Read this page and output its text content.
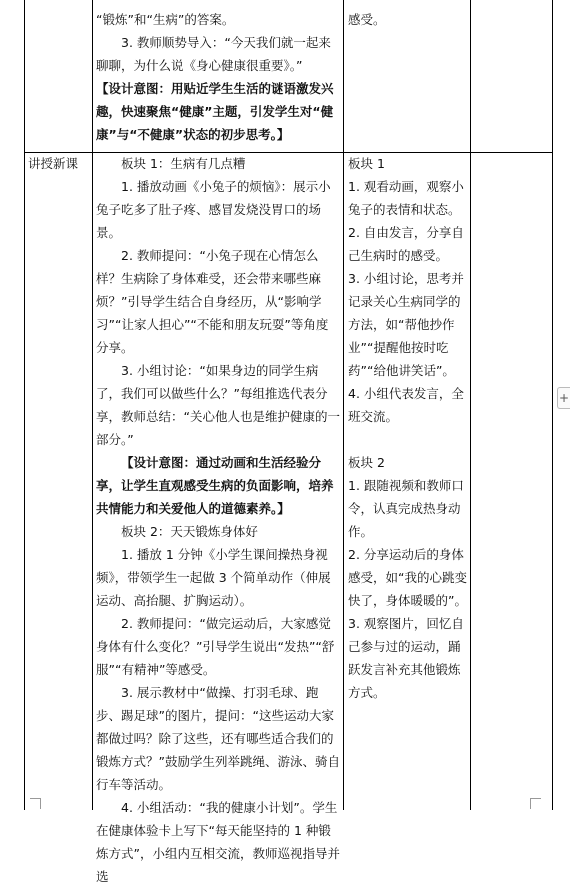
“锻炼”和“生病”的答案。

3. 教师顺势导入：“今天我们就一起来聊聊，为什么说《身心健康很重要》。”

【设计意图：用贴近学生生活的谜语激发兴趣，快速聚焦“健康”主题，引发学生对“健康”与“不健康”状态的初步思考。】

感受。

讲授新课	板块 1：生病有几点糟

1. 播放动画《小兔子的烦恼》：展示小兔子吃多了肚子疼、感冒发烧没胃口的场景。

2. 教师提问：“小兔子现在心情怎么样？生病除了身体难受，还会带来哪些麻烦？”引导学生结合自身经历，从“影响学习”“让家人担心”“不能和朋友玩耍”等角度分享。

3. 小组讨论：“如果身边的同学生病了，我们可以做些什么？”每组推选代表分享，教师总结：“关心他人也是维护健康的一部分。”

【设计意图：通过动画和生活经验分享，让学生直观感受生病的负面影响，培养共情能力和关爱他人的道德素养。】

板块 2：天天锻炼身体好

1. 播放 1 分钟《小学生课间操热身视频》，带领学生一起做 3 个简单动作（伸展运动、高抬腿、扩胸运动）。

2. 教师提问：“做完运动后，大家感觉身体有什么变化？”引导学生说出“发热”“舒服”“有精神”等感受。

3. 展示教材中“做操、打羽毛球、跑步、踢足球”的图片，提问：“这些运动大家都做过吗？除了这些，还有哪些适合我们的锻炼方式？”鼓励学生列举跳绳、游泳、骑自行车等活动。

4. 小组活动：“我的健康小计划”。学生在健康体验卡上写下“每天能坚持的 1 种锻炼方式”，小组内互相交流，教师巡视指导并选

板块 1

1. 观看动画，观察小兔子的表情和状态。

2. 自由发言，分享自己生病时的感受。

3. 小组讨论，思考并记录关心生病同学的方法，如“帮他抄作业”“提醒他按时吃药”“给他讲笑话”。

4. 小组代表发言，全班交流。

板块 2

1. 跟随视频和教师口令，认真完成热身动作。

2. 分享运动后的身体感受，如“我的心跳变快了，身体暖暖的”。

3. 观察图片，回忆自己参与过的运动，踊跃发言补充其他锻炼方式。

+
